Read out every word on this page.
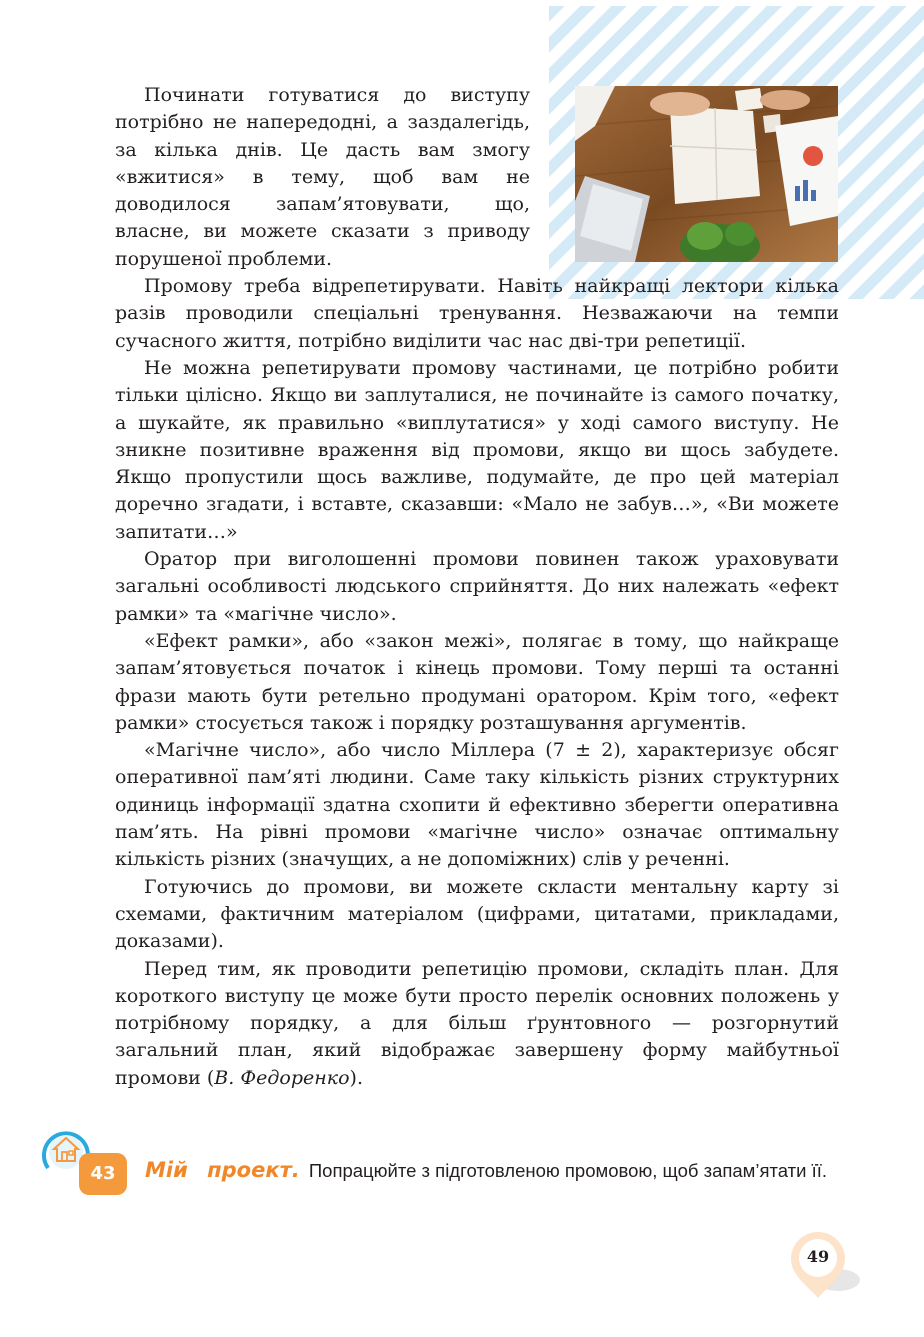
Починати готуватися до виступу потрібно не напередодні, а заздалегідь, за кілька днів. Це дасть вам змогу «вжитися» в тему, щоб вам не доводилося запам’ятовувати, що, власне, ви можете сказати з приводу порушеної проблеми.

Промову треба відрепетирувати. Навіть найкращі лектори кілька разів проводили спеціальні тренування. Незважаючи на темпи сучасного життя, потрібно виділити час нас дві-три репетиції.

Не можна репетирувати промову частинами, це потрібно робити тільки цілісно. Якщо ви заплуталися, не починайте із самого початку, а шукайте, як правильно «виплутатися» у ході самого виступу. Не зникне позитивне враження від промови, якщо ви щось забудете. Якщо пропустили щось важливе, подумайте, де про цей матеріал доречно згадати, і вставте, сказавши: «Мало не забув…», «Ви можете запитати…»

Оратор при виголошенні промови повинен також ураховувати загальні особливості людського сприйняття. До них належать «ефект рамки» та «магічне число».

«Ефект рамки», або «закон межі», полягає в тому, що найкраще запам’ятовується початок і кінець промови. Тому перші та останні фрази мають бути ретельно продумані оратором. Крім того, «ефект рамки» стосується також і порядку розташування аргументів.

«Магічне число», або число Міллера (7 ± 2), характеризує обсяг оперативної пам’яті людини. Саме таку кількість різних структурних одиниць інформації здатна схопити й ефективно зберегти оперативна пам’ять. На рівні промови «магічне число» означає оптимальну кількість різних (значущих, а не допоміжних) слів у реченні.

Готуючись до промови, ви можете скласти ментальну карту зі схемами, фактичним матеріалом (цифрами, цитатами, прикладами, доказами).

Перед тим, як проводити репетицію промови, складіть план. Для короткого виступу це може бути просто перелік основних положень у потрібному порядку, а для більш ґрунтовного — розгорнутий загальний план, який відображає завершену форму майбутньої промови (В. Федоренко).

43	Мій проект. Попрацюйте з підготовленою промовою, щоб запам’ятати її.
49
